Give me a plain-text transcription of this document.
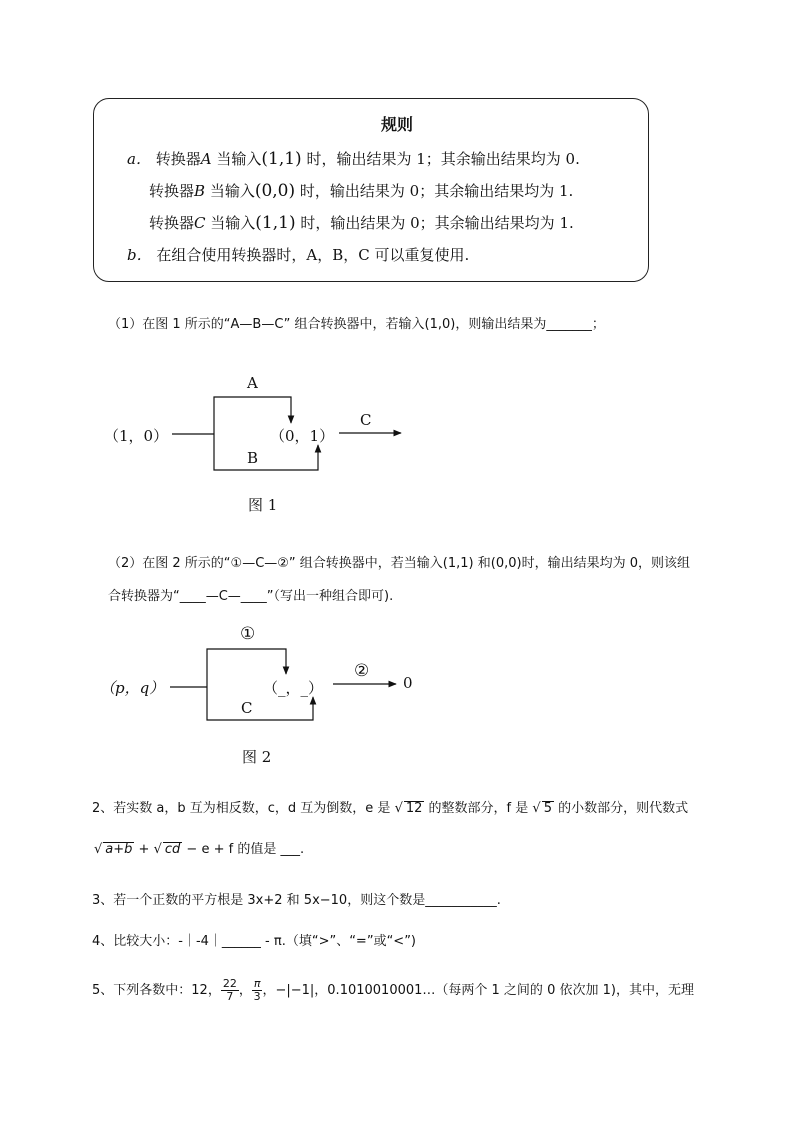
规则
a． 转换器A 当输入(1,1) 时，输出结果为 1；其余输出结果均为 0.
转换器B 当输入(0,0) 时，输出结果为 0；其余输出结果均为 1.
转换器C 当输入(1,1) 时，输出结果为 0；其余输出结果均为 1.
b． 在组合使用转换器时，A，B，C 可以重复使用.
（1）在图 1 所示的“A—B—C” 组合转换器中，若输入(1,0)，则输出结果为_______；
（1，0）
A
B
（0，1）
C
图 1
（2）在图 2 所示的“①—C—②” 组合转换器中，若当输入(1,1) 和(0,0)时，输出结果均为 0，则该组
合转换器为“____—C—____”（写出一种组合即可).
（p，q）
①
C
（_，_）
②
0
图 2
2、若实数 a，b 互为相反数，c，d 互为倒数，e 是 √ 12 的整数部分，f 是 √ 5 的小数部分，则代数式
√ a+b + √ cd − e + f 的值是 ___.
3、若一个正数的平方根是 3x+2 和 5x−10，则这个数是___________.
4、比较大小：-｜-4｜______ - π.（填“>”、“=”或“<”)
5、下列各数中：12， $\frac{22}{7}$ ， $\frac{\pi}{3}$ ，−|−1|，0.1010010001…（每两个 1 之间的 0 依次加 1)，其中，无理
